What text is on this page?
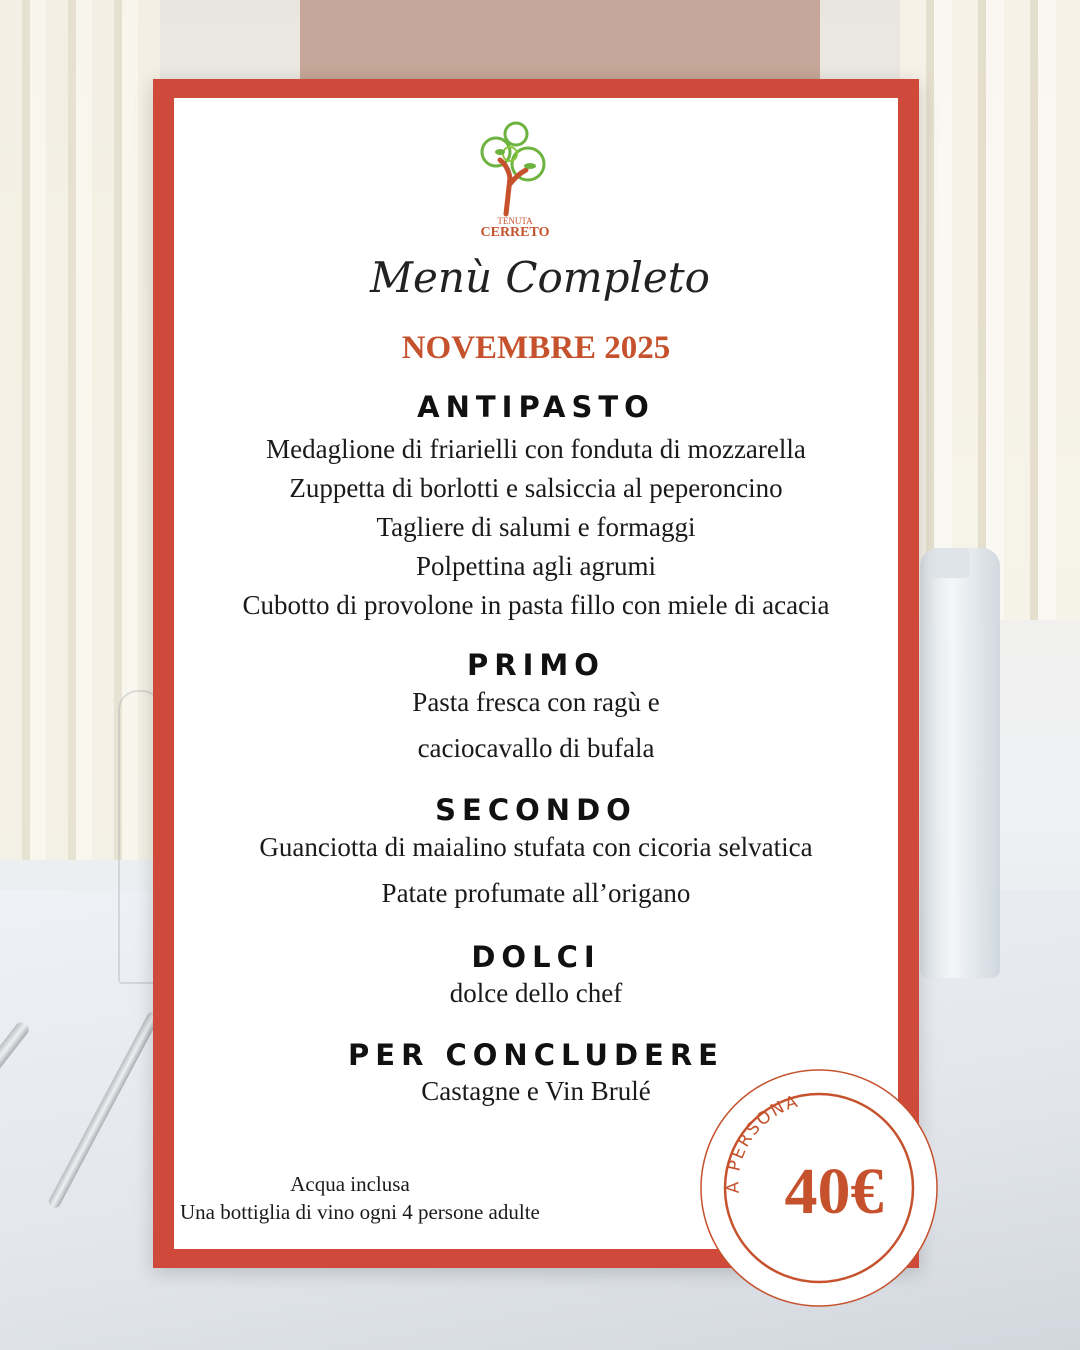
TENUTA
CERRETO
Menù Completo
NOVEMBRE 2025
ANTIPASTO
Medaglione di friarielli con fonduta di mozzarella
Zuppetta di borlotti e salsiccia al peperoncino
Tagliere di salumi e formaggi
Polpettina agli agrumi
Cubotto di provolone in pasta fillo con miele di acacia
PRIMO
Pasta fresca con ragù e
caciocavallo di bufala
SECONDO
Guanciotta di maialino stufata con cicoria selvatica
Patate profumate all’origano
DOLCI
dolce dello chef
PER CONCLUDERE
Castagne e Vin Brulé
Acqua inclusa
Una bottiglia di vino ogni 4 persone adulte
A PERSONA
40€
